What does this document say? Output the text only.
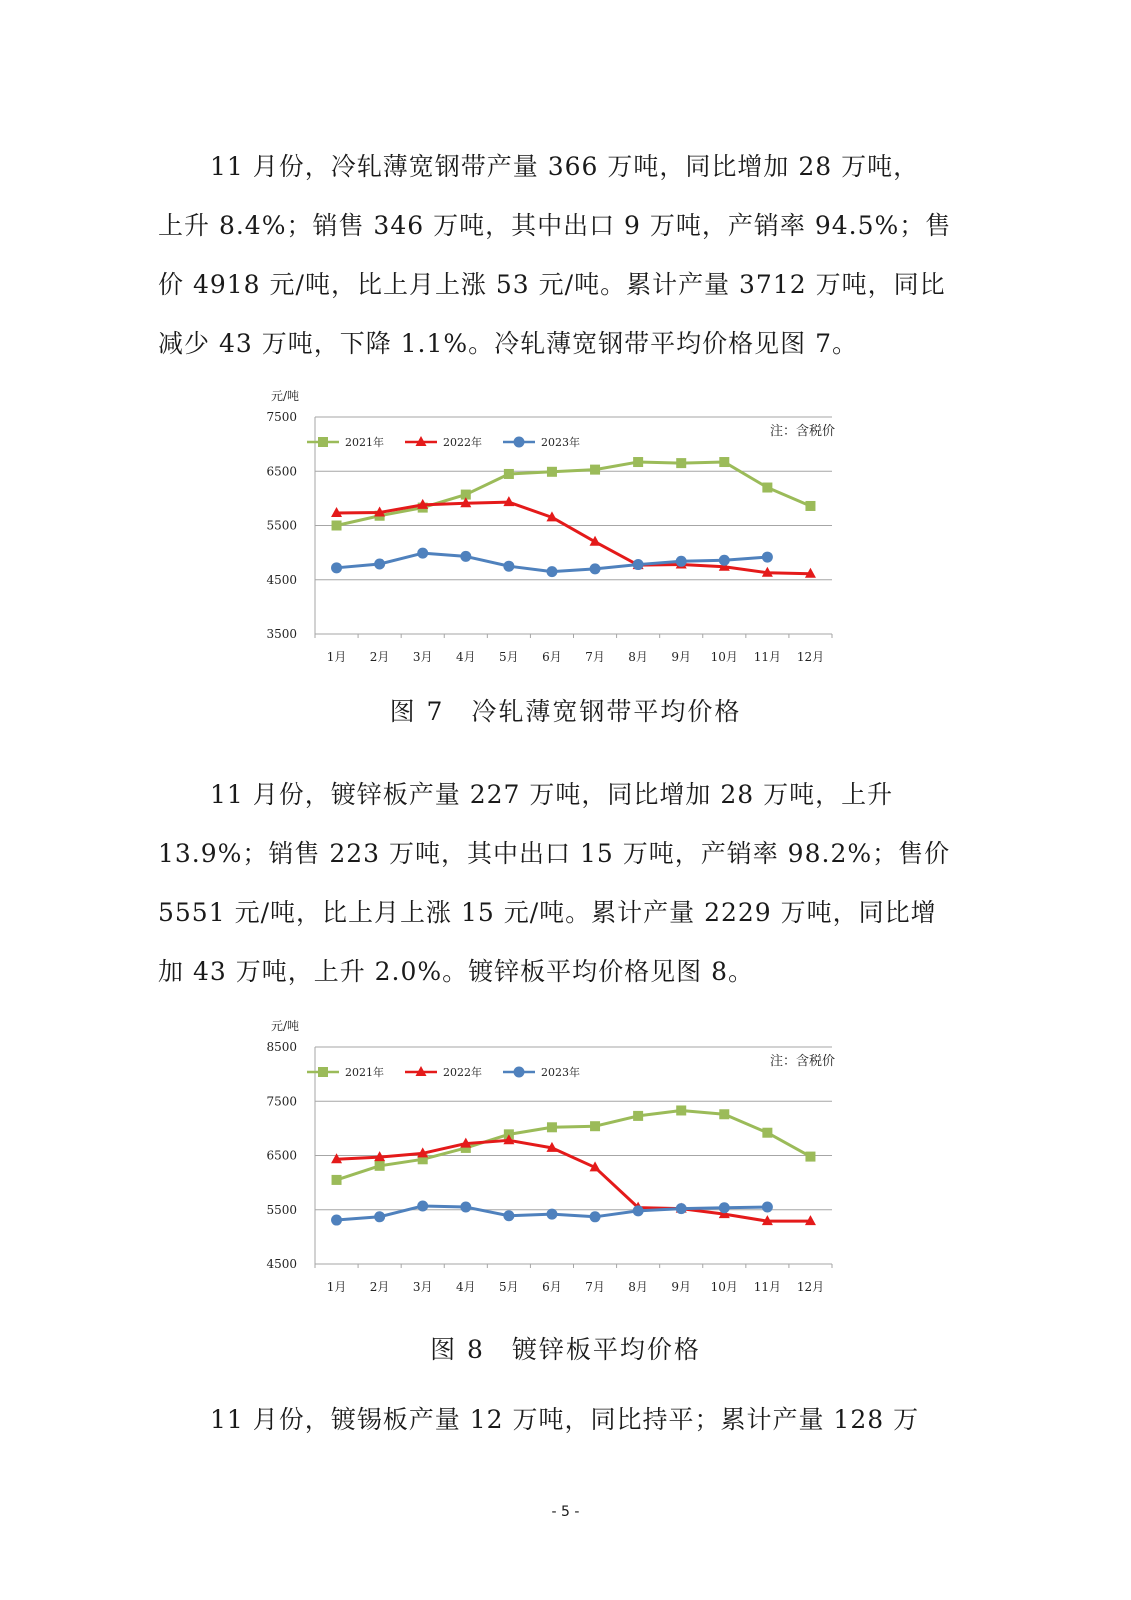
11 月份，冷轧薄宽钢带产量 366 万吨，同比增加 28 万吨，
上升 8.4%；销售 346 万吨，其中出口 9 万吨，产销率 94.5%；售
价 4918 元/吨，比上月上涨 53 元/吨。累计产量 3712 万吨，同比
减少 43 万吨，下降 1.1%。冷轧薄宽钢带平均价格见图 7。
元/吨
3500
4500
5500
6500
7500
1月 2月 3月 4月 5月 6月 7月 8月 9月 10月 11月 12月
2021年	2022年	2023年
注：含税价

图 7　冷轧薄宽钢带平均价格

11 月份，镀锌板产量 227 万吨，同比增加 28 万吨，上升
13.9%；销售 223 万吨，其中出口 15 万吨，产销率 98.2%；售价
5551 元/吨，比上月上涨 15 元/吨。累计产量 2229 万吨，同比增
加 43 万吨，上升 2.0%。镀锌板平均价格见图 8。
元/吨
4500
5500
6500
7500
8500
1月 2月 3月 4月 5月 6月 7月 8月 9月 10月 11月 12月
2021年	2022年	2023年
注：含税价

图 8　镀锌板平均价格

11 月份，镀锡板产量 12 万吨，同比持平；累计产量 128 万
- 5 -
